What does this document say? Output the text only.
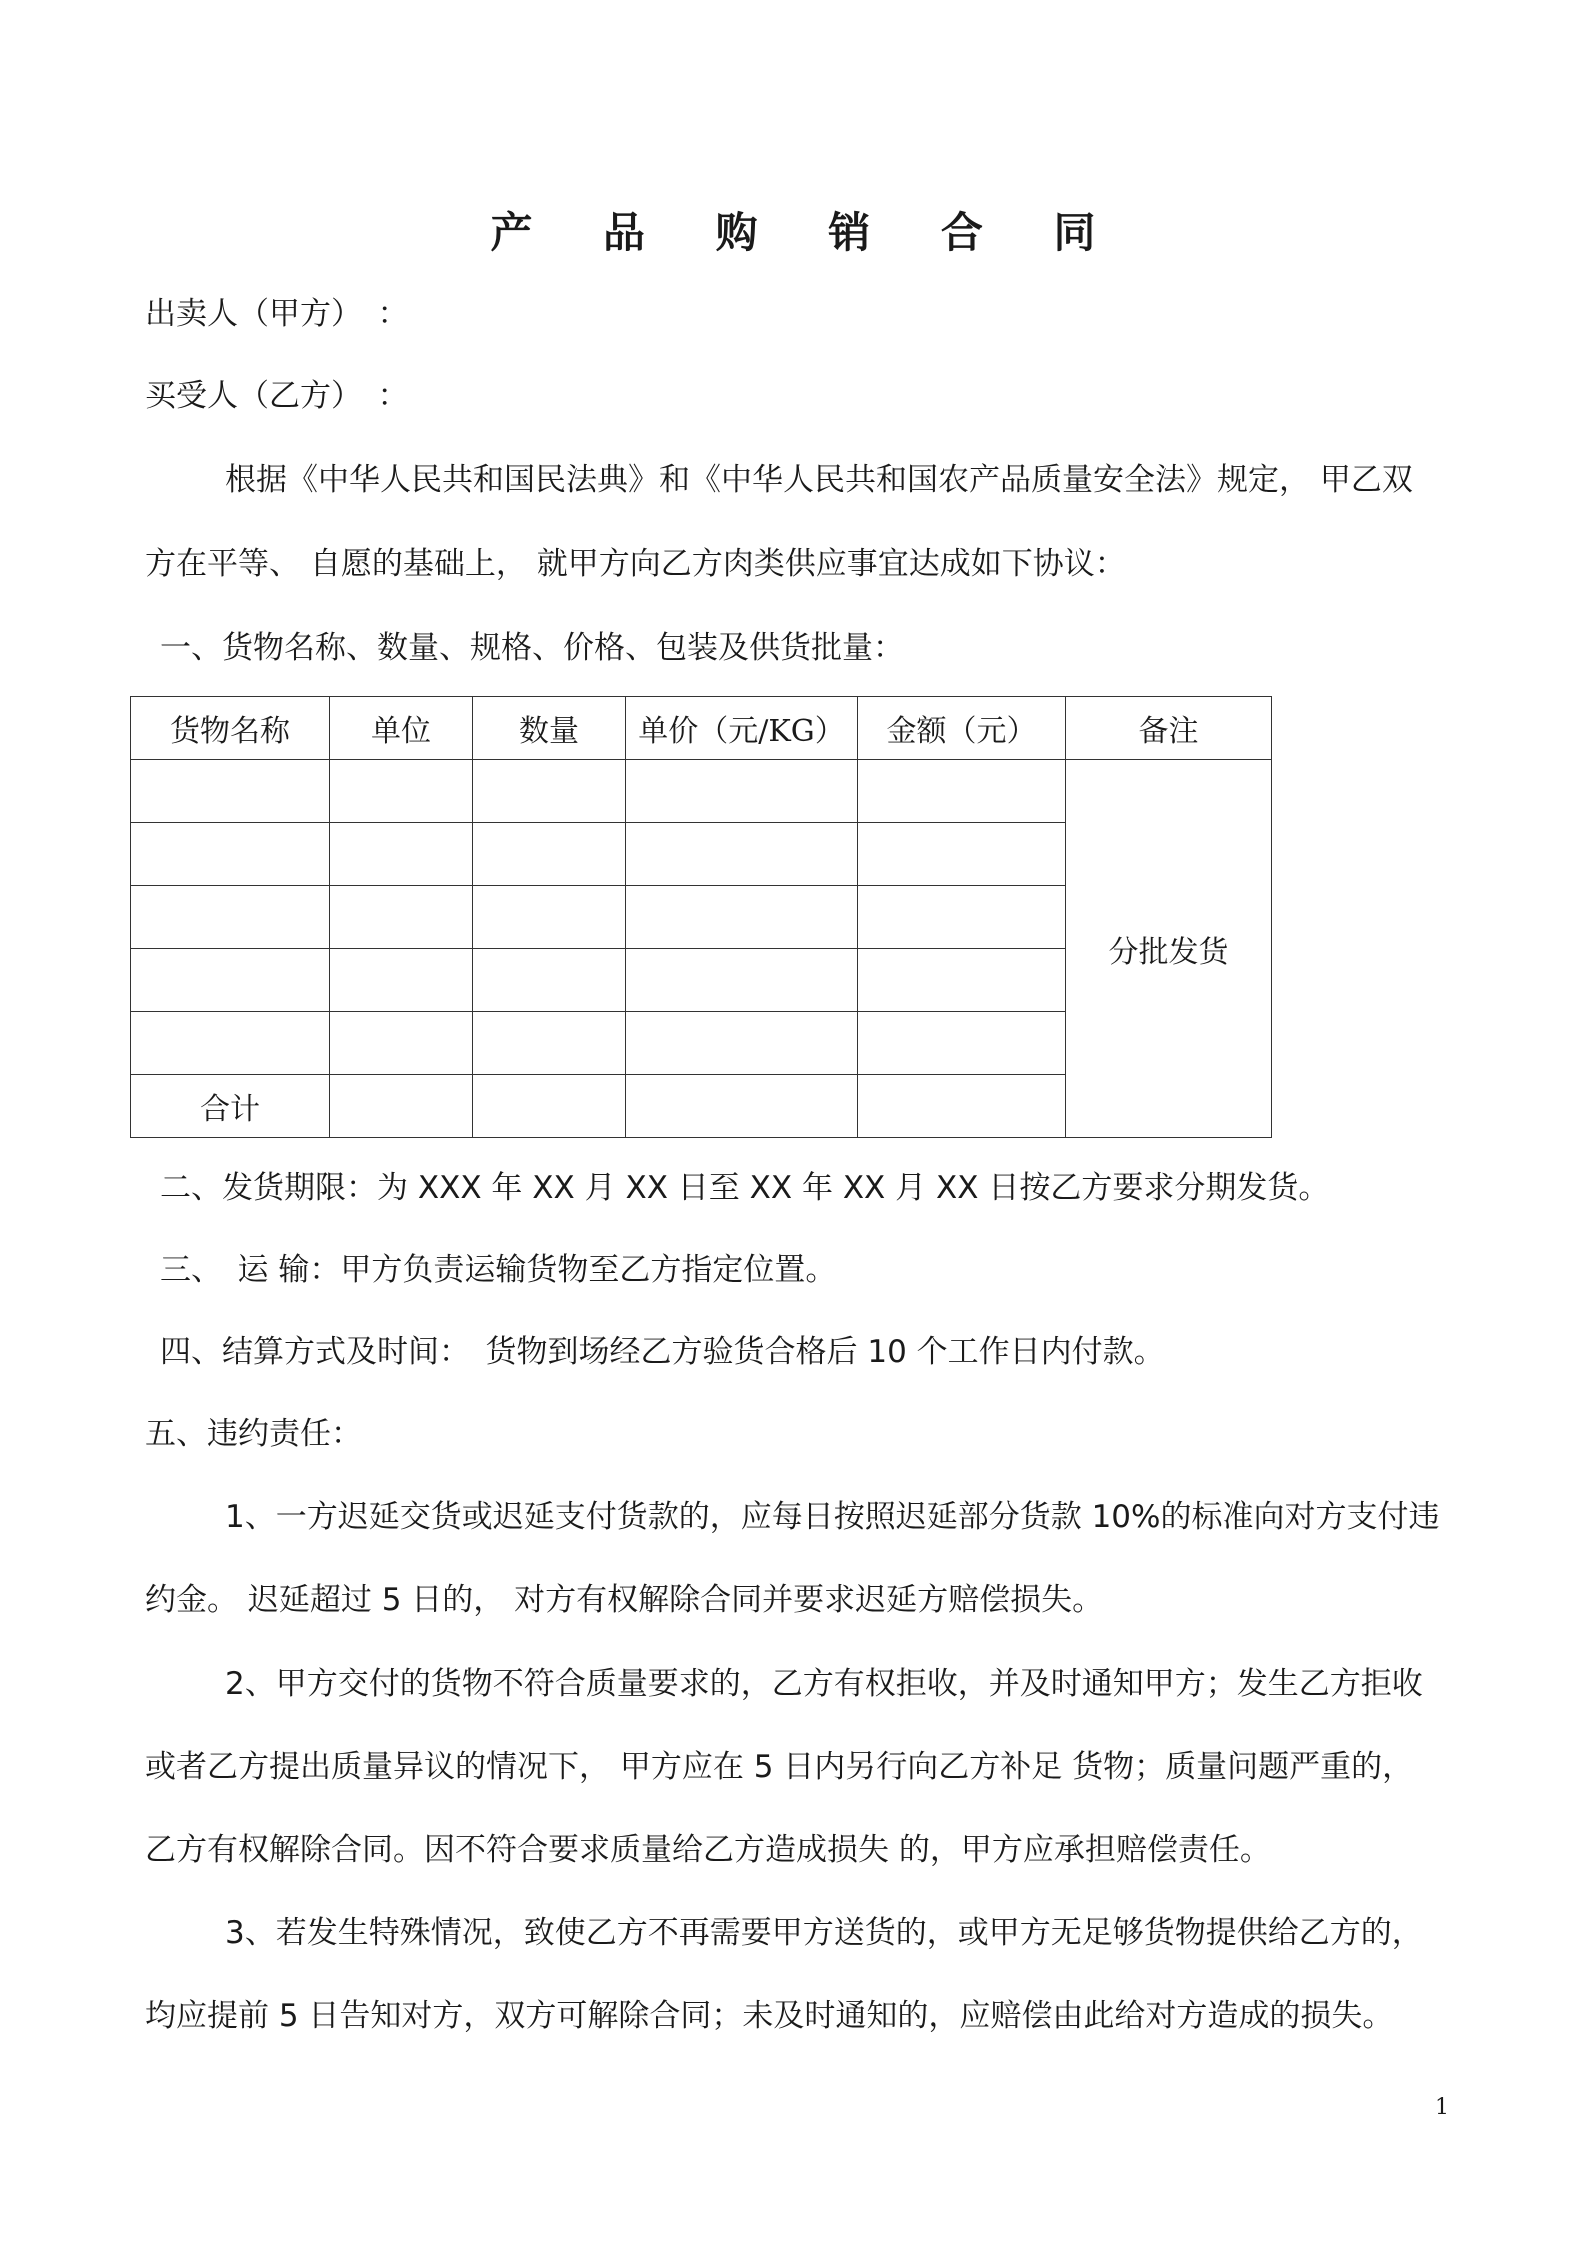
产 品 购 销 合 同
出卖人（甲方）　：
买受人（乙方）　：
根据《中华人民共和国民法典》和《中华人民共和国农产品质量安全法》规定， 甲乙双
方在平等、 自愿的基础上， 就甲方向乙方肉类供应事宜达成如下协议：
一、货物名称、数量、规格、价格、包装及供货批量：
货物名称	单位	数量	单价（元/KG）	金额（元）	备注
					分批发货

合计					
二、发货期限：为 XXX 年 XX 月 XX 日至 XX 年 XX 月 XX 日按乙方要求分期发货。
三、　运 输：甲方负责运输货物至乙方指定位置。
四、结算方式及时间：　货物到场经乙方验货合格后 10 个工作日内付款。
五、违约责任：
1、一方迟延交货或迟延支付货款的，应每日按照迟延部分货款 10%的标准向对方支付违
约金。 迟延超过 5 日的， 对方有权解除合同并要求迟延方赔偿损失。
2、甲方交付的货物不符合质量要求的，乙方有权拒收，并及时通知甲方；发生乙方拒收
或者乙方提出质量异议的情况下， 甲方应在 5 日内另行向乙方补足 货物；质量问题严重的，
乙方有权解除合同。因不符合要求质量给乙方造成损失 的，甲方应承担赔偿责任。
3、若发生特殊情况，致使乙方不再需要甲方送货的，或甲方无足够货物提供给乙方的，
均应提前 5 日告知对方，双方可解除合同；未及时通知的，应赔偿由此给对方造成的损失。
1
